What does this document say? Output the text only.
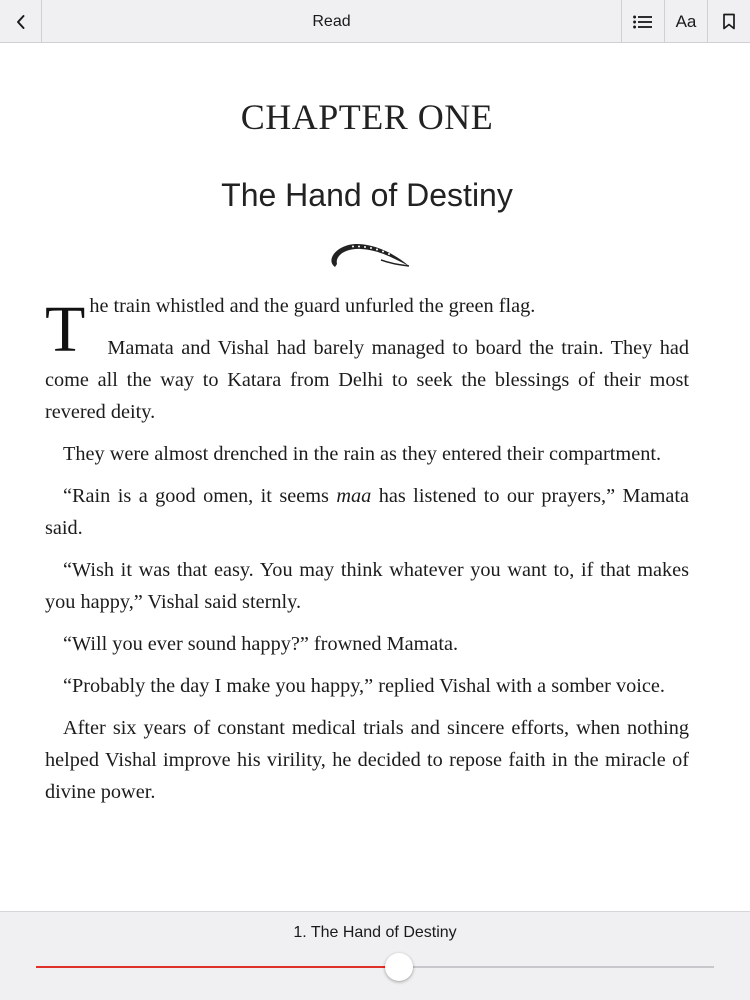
Read	Aa
CHAPTER ONE
The Hand of Destiny
T he train whistled and the guard unfurled the green flag.

Mamata and Vishal had barely managed to board the train. They had come all the way to Katara from Delhi to seek the blessings of their most revered deity.

They were almost drenched in the rain as they entered their compartment.

“Rain is a good omen, it seems maa has listened to our prayers,” Mamata said.

“Wish it was that easy. You may think whatever you want to, if that makes you happy,” Vishal said sternly.

“Will you ever sound happy?” frowned Mamata.

“Probably the day I make you happy,” replied Vishal with a somber voice.

After six years of constant medical trials and sincere efforts, when nothing helped Vishal improve his virility, he decided to repose faith in the miracle of divine power.

1. The Hand of Destiny
